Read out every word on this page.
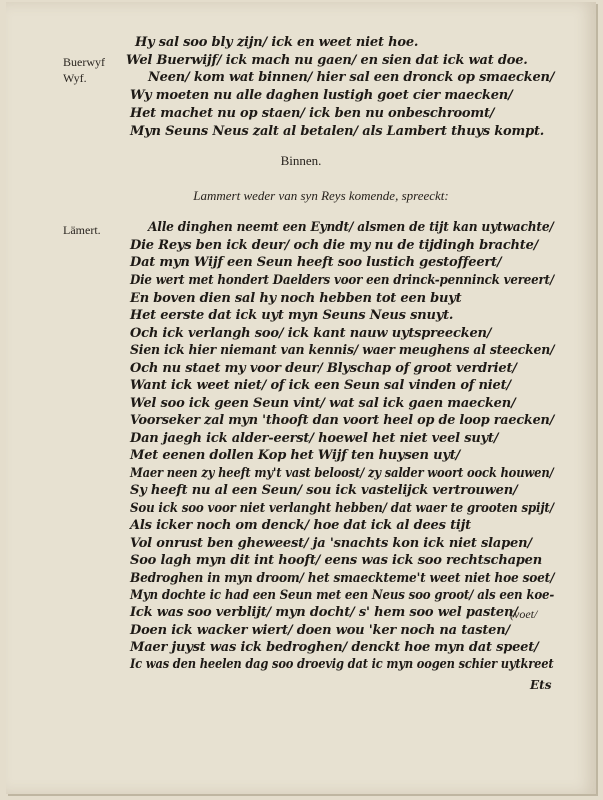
Hy sal soo bly zijn/ ick en weet niet hoe.
Buerwyf Wel Buerwijf/ ick mach nu gaen/ en sien dat ick wat doe.
Wyf.	Neen/ kom wat binnen/ hier sal een dronck op smaecken/
Wy moeten nu alle daghen lustigh goet cier maecken/
Het machet nu op staen/ ick ben nu onbeschroomt/
Myn Seuns Neus zalt al betalen/ als Lambert thuys kompt.
Binnen.
Lammert weder van syn Reys komende, spreeckt:
Lämert.	Alle dinghen neemt een Eyndt/ alsmen de tijt kan uytwachte/
Die Reys ben ick deur/ och die my nu de tijdingh brachte/
Dat myn Wijf een Seun heeft soo lustich gestoffeert/
Die wert met hondert Daelders voor een drinck-penninck vereert/
En boven dien sal hy noch hebben tot een buyt
Het eerste dat ick uyt myn Seuns Neus snuyt.
Och ick verlangh soo/ ick kant nauw uytspreecken/
Sien ick hier niemant van kennis/ waer meughens al steecken/
Och nu staet my voor deur/ Blyschap of groot verdriet/
Want ick weet niet/ of ick een Seun sal vinden of niet/
Wel soo ick geen Seun vint/ wat sal ick gaen maecken/
Voorseker zal myn 'thooft dan voort heel op de loop raecken/
Dan jaegh ick alder-eerst/ hoewel het niet veel suyt/
Met eenen dollen Kop het Wijf ten huysen uyt/
Maer neen zy heeft my't vast beloost/ zy salder woort oock houwen/
Sy heeft nu al een Seun/ sou ick vastelijck vertrouwen/
Sou ick soo voor niet verlanght hebben/ dat waer te grooten spijt/
Als icker noch om denck/ hoe dat ick al dees tijt
Vol onrust ben gheweest/ ja 'snachts kon ick niet slapen/
Soo lagh myn dit int hooft/ eens was ick soo rechtschapen
Bedroghen in myn droom/ het smaeckteme't weet niet hoe soet/
Myn dochte ic had een Seun met een Neus soo groot/ als een koe-
Ick was soo verblijt/ myn docht/ s' hem soo wel pasten/
(voet/
Doen ick wacker wiert/ doen wou 'ker noch na tasten/
Maer juyst was ick bedroghen/ denckt hoe myn dat speet/
Ic was den heelen dag soo droevig dat ic myn oogen schier uytkreet
Ets
